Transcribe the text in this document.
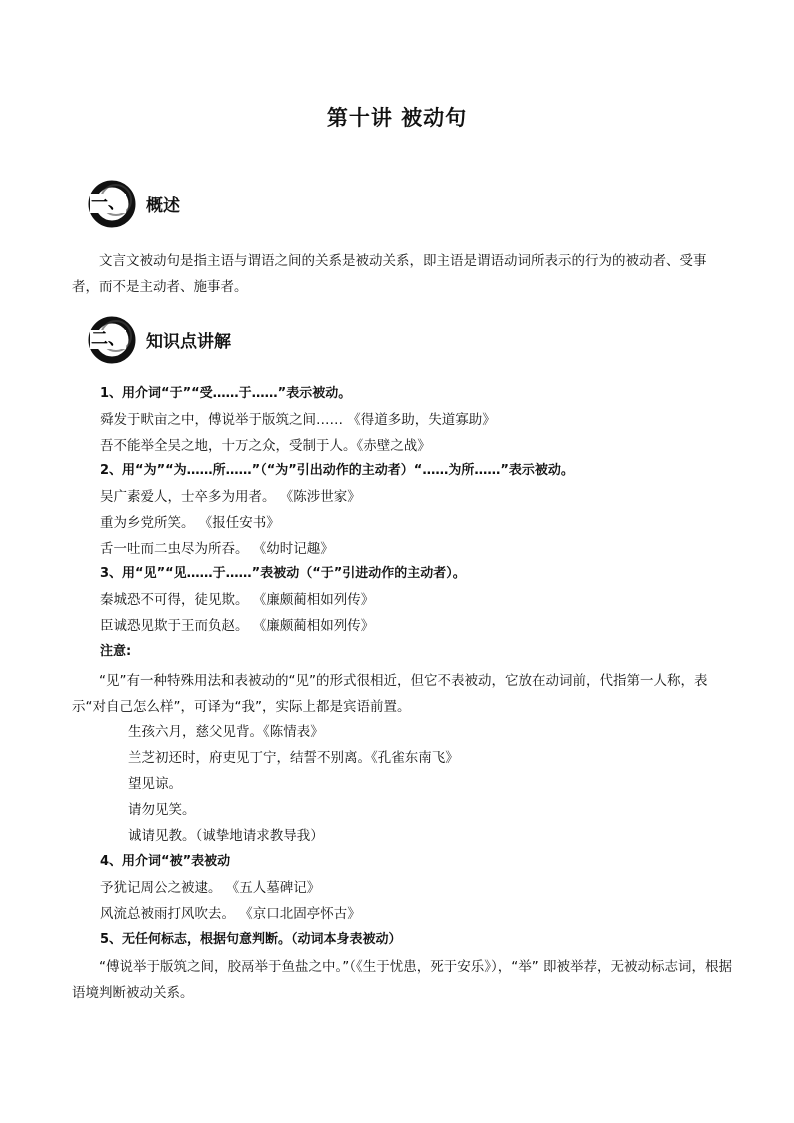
第十讲 被动句
一、 概述

文言文被动句是指主语与谓语之间的关系是被动关系，即主语是谓语动词所表示的行为的被动者、受事者，而不是主动者、施事者。

二、 知识点讲解
1、用介词“于”“受……于……”表示被动。
舜发于畎亩之中，傅说举于版筑之间…… 《得道多助，失道寡助》
吾不能举全吴之地，十万之众，受制于人。《赤壁之战》
2、用“为”“为……所……”（“为”引出动作的主动者）“……为所……”表示被动。
吴广素爱人，士卒多为用者。 《陈涉世家》
重为乡党所笑。 《报任安书》
舌一吐而二虫尽为所吞。 《幼时记趣》
3、用“见”“见……于……”表被动（“于”引进动作的主动者）。
秦城恐不可得，徒见欺。 《廉颇蔺相如列传》
臣诚恐见欺于王而负赵。 《廉颇蔺相如列传》
注意:

“见”有一种特殊用法和表被动的“见”的形式很相近，但它不表被动，它放在动词前，代指第一人称，表示“对自己怎么样”，可译为“我”，实际上都是宾语前置。

生孩六月，慈父见背。《陈情表》
兰芝初还时，府吏见丁宁，结誓不别离。《孔雀东南飞》
望见谅。
请勿见笑。
诚请见教。（诚挚地请求教导我）
4、用介词“被”表被动
予犹记周公之被逮。 《五人墓碑记》
风流总被雨打风吹去。 《京口北固亭怀古》
5、无任何标志，根据句意判断。（动词本身表被动）

“傅说举于版筑之间，胶鬲举于鱼盐之中。”（《生于忧患，死于安乐》），“举” 即被举荐，无被动标志词，根据语境判断被动关系。
